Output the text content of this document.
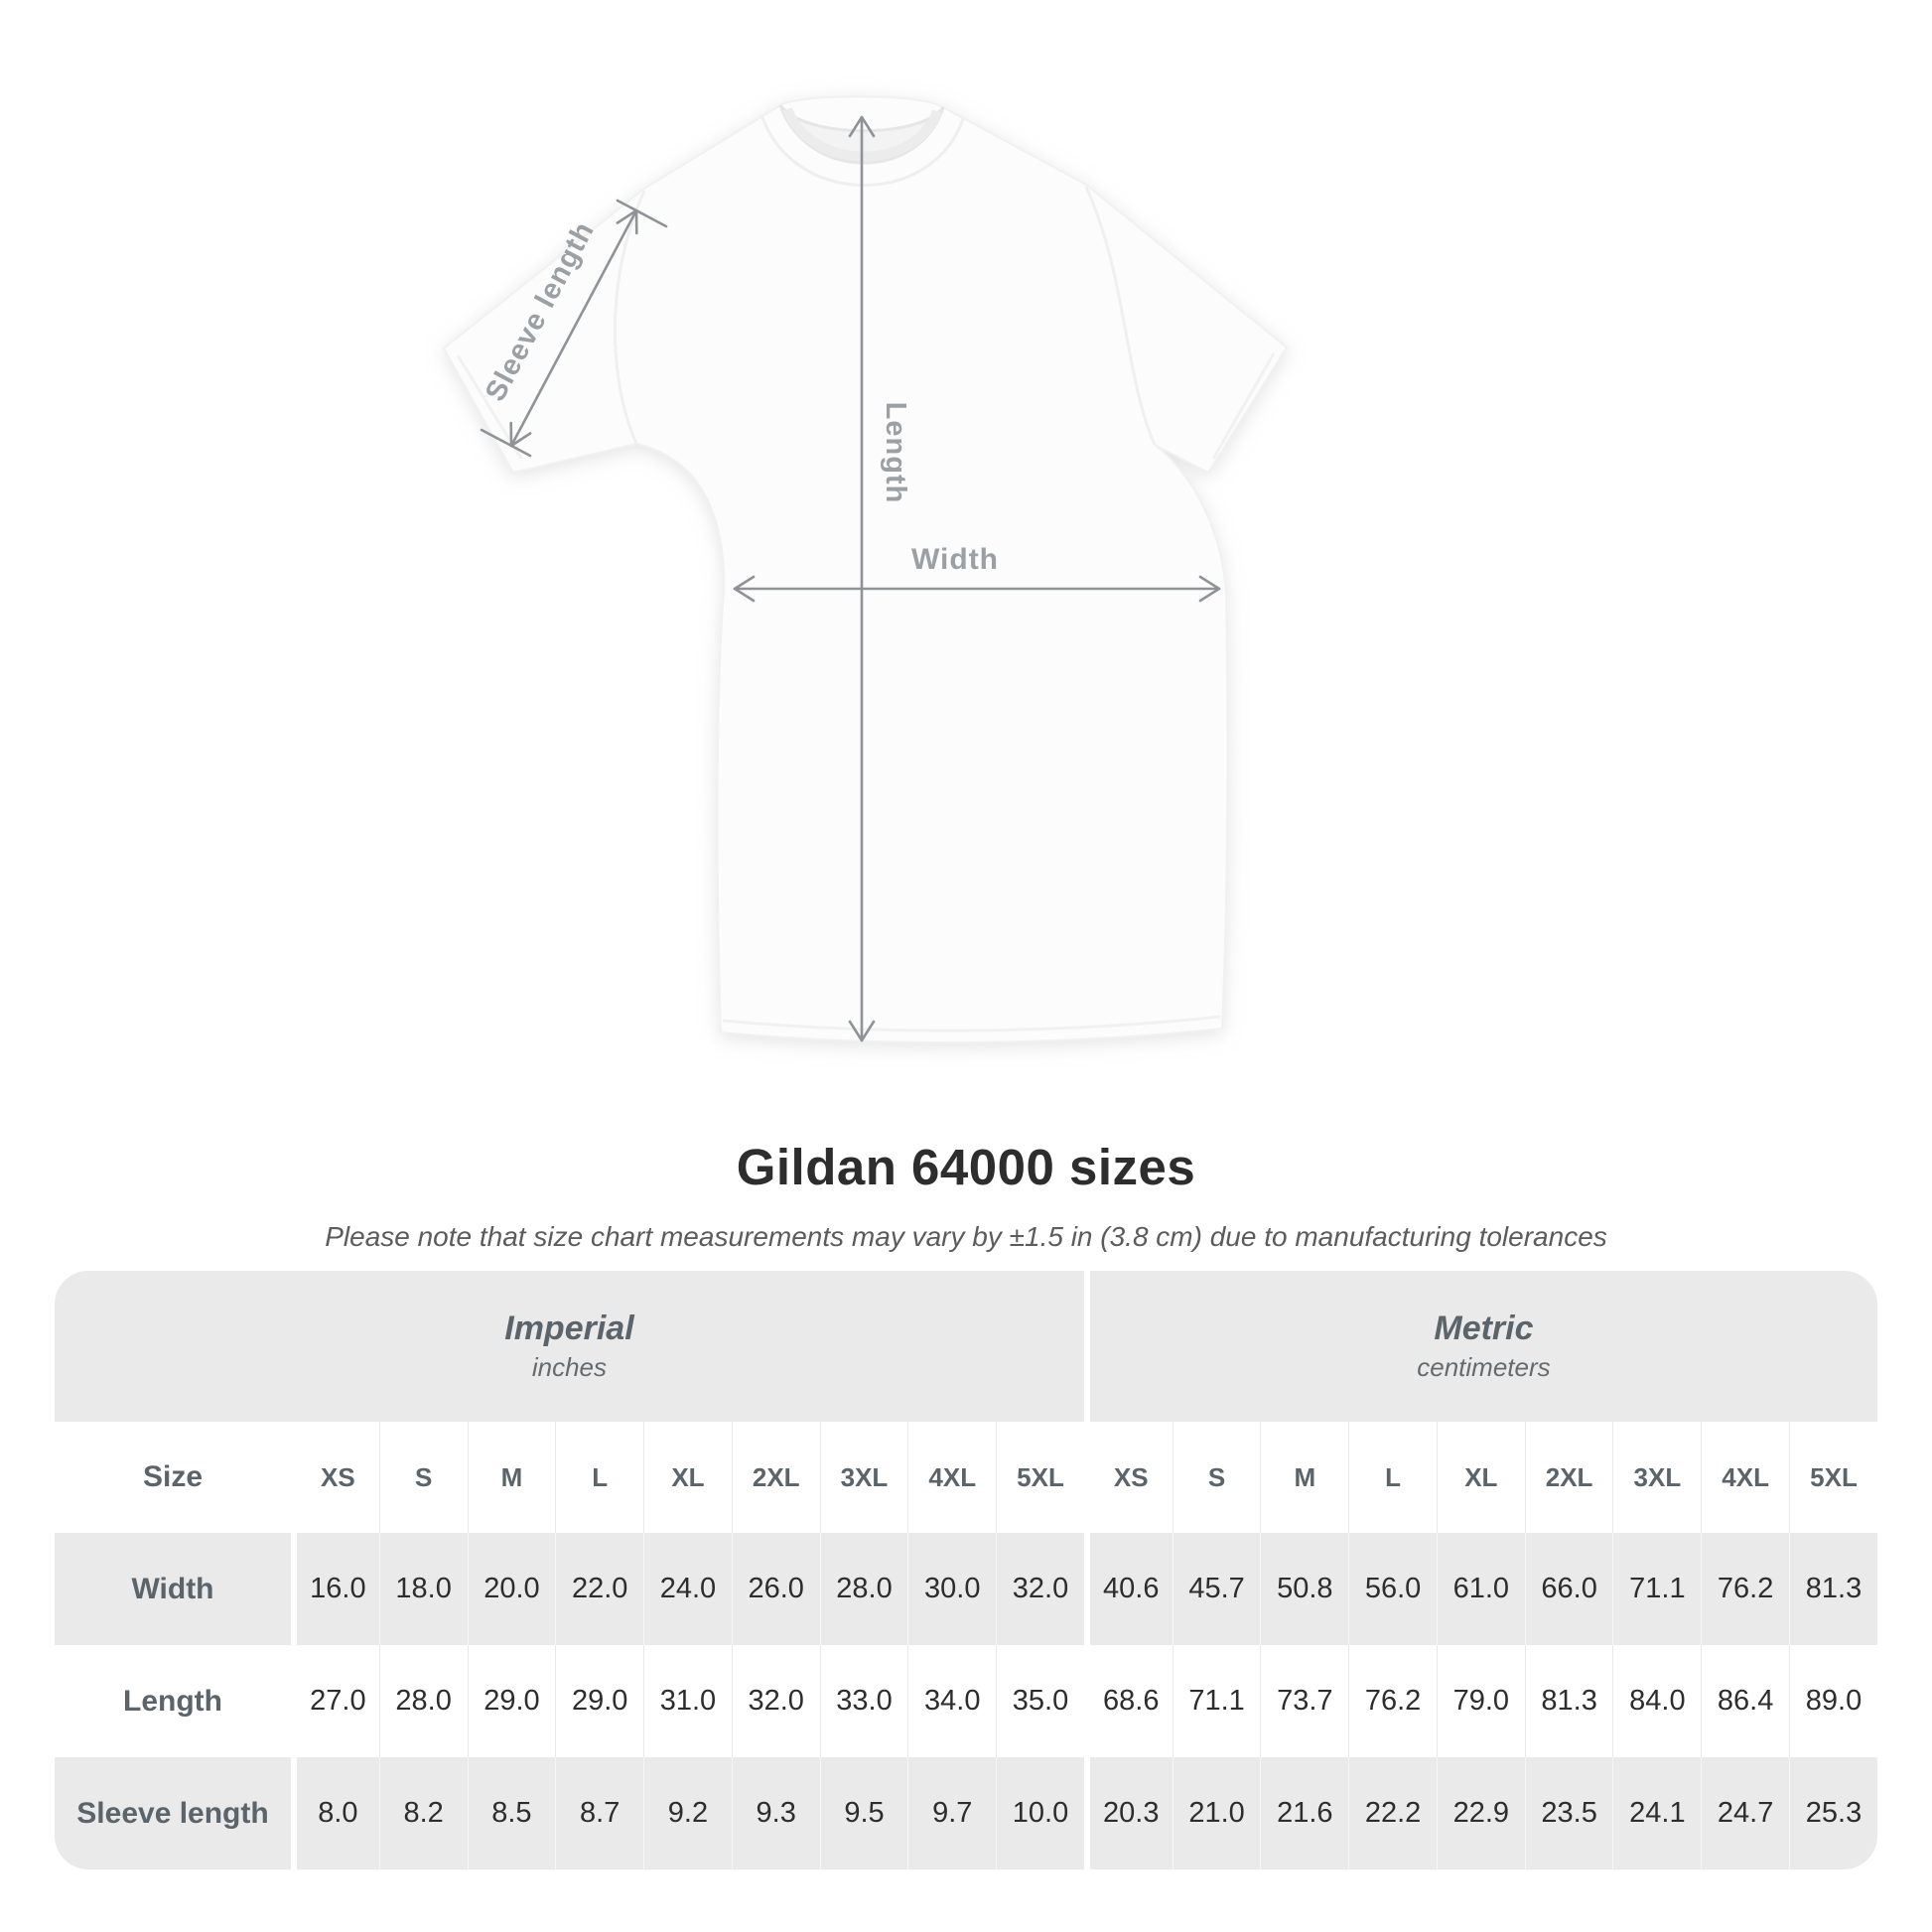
Sleeve length
Length
Width
Gildan 64000 sizes
Please note that size chart measurements may vary by ±1.5 in (3.8 cm) due to manufacturing tolerances
Imperial
inches

Metric
centimeters

Size	XS	S	M	L	XL	2XL	3XL	4XL	5XL	XS	S	M	L	XL	2XL	3XL	4XL	5XL
Width	16.0	18.0	20.0	22.0	24.0	26.0	28.0	30.0	32.0	40.6	45.7	50.8	56.0	61.0	66.0	71.1	76.2	81.3
Length	27.0	28.0	29.0	29.0	31.0	32.0	33.0	34.0	35.0	68.6	71.1	73.7	76.2	79.0	81.3	84.0	86.4	89.0
Sleeve length	8.0	8.2	8.5	8.7	9.2	9.3	9.5	9.7	10.0	20.3	21.0	21.6	22.2	22.9	23.5	24.1	24.7	25.3
